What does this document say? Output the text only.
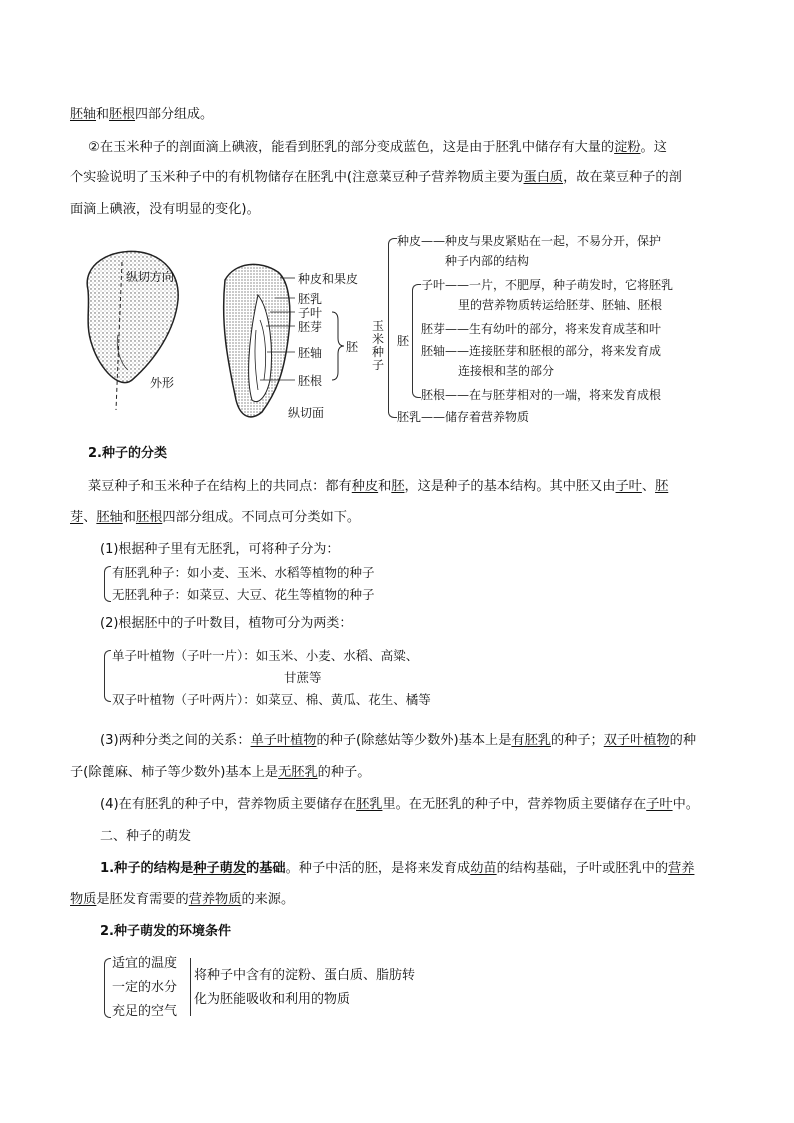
胚轴和胚根四部分组成。
②在玉米种子的剖面滴上碘液，能看到胚乳的部分变成蓝色，这是由于胚乳中储存有大量的淀粉。这
个实验说明了玉米种子中的有机物储存在胚乳中(注意菜豆种子营养物质主要为蛋白质，故在菜豆种子的剖
面滴上碘液，没有明显的变化)。
纵切方向
外形
种皮和果皮
胚乳
子叶
胚芽
胚轴
胚根
胚
纵切面
玉米种子
种皮 ——种皮与果皮紧贴在一起，不易分开，保护
种子内部的结构
胚
子叶 ——一片，不肥厚，种子萌发时，它将胚乳
里的营养物质转运给胚芽、胚轴、胚根
胚芽 ——生有幼叶的部分，将来发育成茎和叶
胚轴 ——连接胚芽和胚根的部分，将来发育成
连接根和茎的部分
胚根 ——在与胚芽相对的一端，将来发育成根
胚乳 ——储存着营养物质
2.种子的分类
菜豆种子和玉米种子在结构上的共同点：都有种皮和胚，这是种子的基本结构。其中胚又由子叶、胚
芽、胚轴和胚根四部分组成。不同点可分类如下。
(1)根据种子里有无胚乳，可将种子分为：
有胚乳种子：如小麦、玉米、水稻等植物的种子
无胚乳种子：如菜豆、大豆、花生等植物的种子
(2)根据胚中的子叶数目，植物可分为两类：
单子叶植物（子叶一片）：如玉米、小麦、水稻、高粱、
甘蔗等
双子叶植物（子叶两片）：如菜豆、棉、黄瓜、花生、橘等
(3)两种分类之间的关系：单子叶植物的种子(除慈姑等少数外)基本上是有胚乳的种子；双子叶植物的种
子(除蓖麻、柿子等少数外)基本上是无胚乳的种子。
(4)在有胚乳的种子中，营养物质主要储存在胚乳里。在无胚乳的种子中，营养物质主要储存在子叶中。
二、种子的萌发
1.种子的结构是种子萌发的基础。种子中活的胚，是将来发育成幼苗的结构基础，子叶或胚乳中的营养
物质是胚发育需要的营养物质的来源。
2.种子萌发的环境条件
适宜的温度
一定的水分
充足的空气
将种子中含有的淀粉、蛋白质、脂肪转
化为胚能吸收和利用的物质
